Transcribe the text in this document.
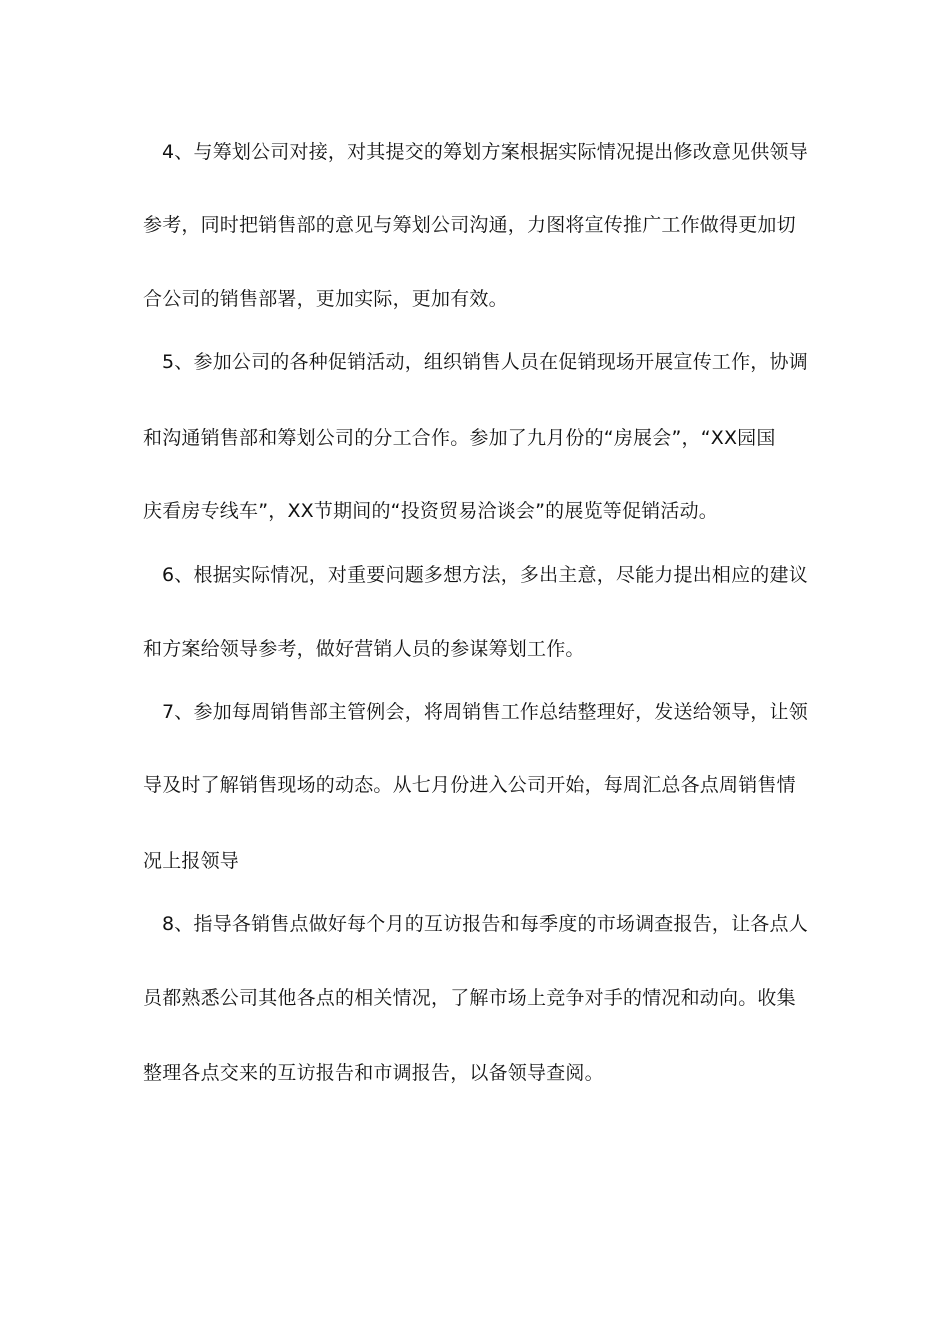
4、与筹划公司对接，对其提交的筹划方案根据实际情况提出修改意见供领导
参考，同时把销售部的意见与筹划公司沟通，力图将宣传推广工作做得更加切
合公司的销售部署，更加实际，更加有效。
5、参加公司的各种促销活动，组织销售人员在促销现场开展宣传工作，协调
和沟通销售部和筹划公司的分工合作。参加了九月份的“房展会”，“XX园国
庆看房专线车”，XX节期间的“投资贸易洽谈会”的展览等促销活动。
6、根据实际情况，对重要问题多想方法，多出主意，尽能力提出相应的建议
和方案给领导参考，做好营销人员的参谋筹划工作。
7、参加每周销售部主管例会，将周销售工作总结整理好，发送给领导，让领
导及时了解销售现场的动态。从七月份进入公司开始，每周汇总各点周销售情
况上报领导
8、指导各销售点做好每个月的互访报告和每季度的市场调查报告，让各点人
员都熟悉公司其他各点的相关情况，了解市场上竞争对手的情况和动向。收集
整理各点交来的互访报告和市调报告，以备领导查阅。
